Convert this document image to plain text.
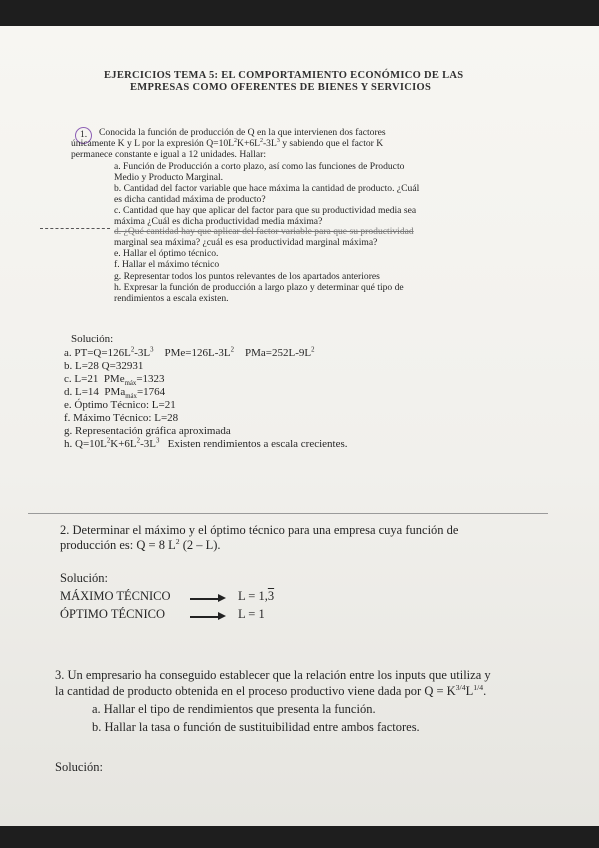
EJERCICIOS TEMA 5: EL COMPORTAMIENTO ECONÓMICO DE LAS
EMPRESAS COMO OFERENTES DE BIENES Y SERVICIOS
1. Conocida la función de producción de Q en la que intervienen dos factores
únicamente K y L por la expresión $Q=10L^2K+6L^2-3L^3$ y sabiendo que el factor K
permanece constante e igual a 12 unidades. Hallar:
a. Función de Producción a corto plazo, así como las funciones de Producto
Medio y Producto Marginal.
b. Cantidad del factor variable que hace máxima la cantidad de producto. ¿Cuál
es dicha cantidad máxima de producto?
c. Cantidad que hay que aplicar del factor para que su productividad media sea
máxima ¿Cuál es dicha productividad media máxima?
d. ¿Qué cantidad hay que aplicar del factor variable para que su productividad
marginal sea máxima? ¿cuál es esa productividad marginal máxima?
e. Hallar el óptimo técnico.
f. Hallar el máximo técnico
g. Representar todos los puntos relevantes de los apartados anteriores
h. Expresar la función de producción a largo plazo y determinar qué tipo de
rendimientos a escala existen.
Solución:
a. $PT=Q=126L^2-3L^3$    $PMe=126L-3L^2$    $PMa=252L-9L^2$
b. L=28 Q=32931
c. L=21  PMe$_{máx}$=1323
d. L=14  PMa$_{máx}$=1764
e. Óptimo Técnico: L=21
f. Máximo Técnico: L=28
g. Representación gráfica aproximada
h. $Q=10L^2K+6L^2-3L^3$ Existen rendimientos a escala crecientes.
2. Determinar el máximo y el óptimo técnico para una empresa cuya función de
producción es: Q = 8 $L^2$ (2 – L).
Solución:
MÁXIMO TÉCNICO	L = 1,3
ÓPTIMO TÉCNICO	L = 1
3. Un empresario ha conseguido establecer que la relación entre los inputs que utiliza y
la cantidad de producto obtenida en el proceso productivo viene dada por $Q = K^{3/4}L^{1/4}$.
a. Hallar el tipo de rendimientos que presenta la función.
b. Hallar la tasa o función de sustituibilidad entre ambos factores.
Solución:
